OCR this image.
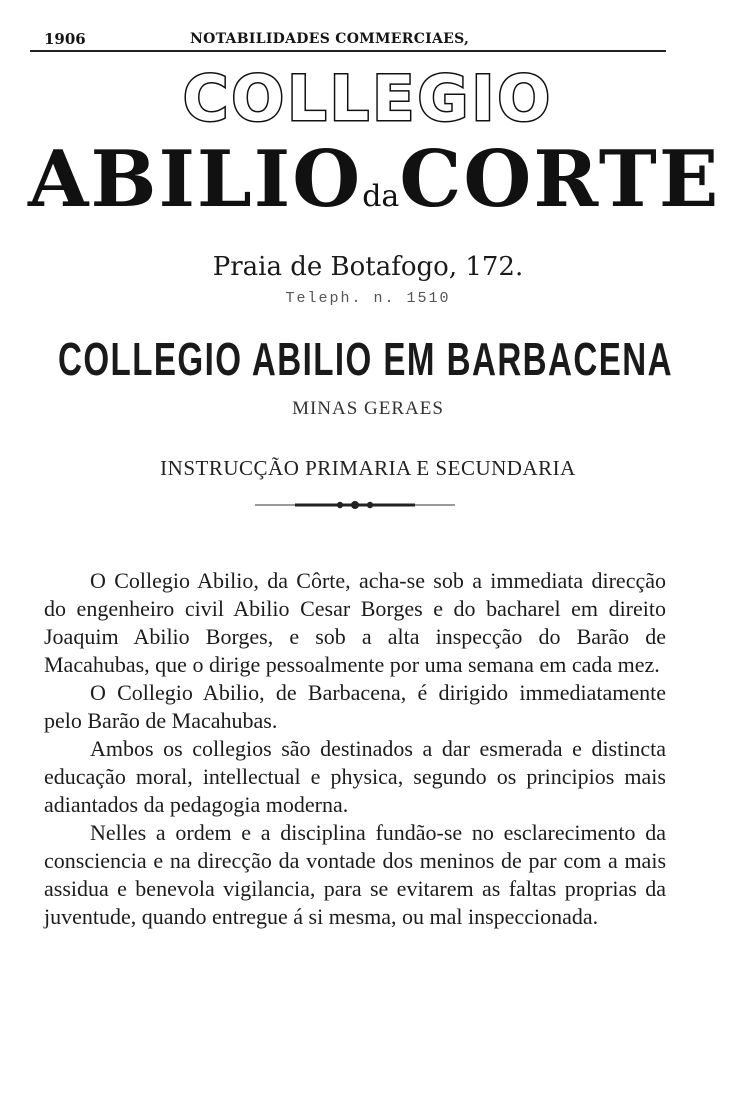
1906	NOTABILIDADES COMMERCIAES,
COLLEGIO
ABILIO da CORTE
Praia de Botafogo, 172.
Teleph. n. 1510
COLLEGIO ABILIO EM BARBACENA
MINAS GERAES
INSTRUCÇÃO PRIMARIA E SECUNDARIA

O Collegio Abilio, da Côrte, acha-se sob a immediata direcção do engenheiro civil Abilio Cesar Borges e do bacharel em direito Joaquim Abilio Borges, e sob a alta inspecção do Barão de Macahubas, que o dirige pessoalmente por uma semana em cada mez.

O Collegio Abilio, de Barbacena, é dirigido immediatamente pelo Barão de Macahubas.

Ambos os collegios são destinados a dar esmerada e distincta educação moral, intellectual e physica, segundo os principios mais adiantados da pedagogia moderna.

Nelles a ordem e a disciplina fundão-se no esclarecimento da consciencia e na direcção da vontade dos meninos de par com a mais assidua e benevola vigilancia, para se evitarem as faltas proprias da juventude, quando entregue á si mesma, ou mal inspeccionada.
